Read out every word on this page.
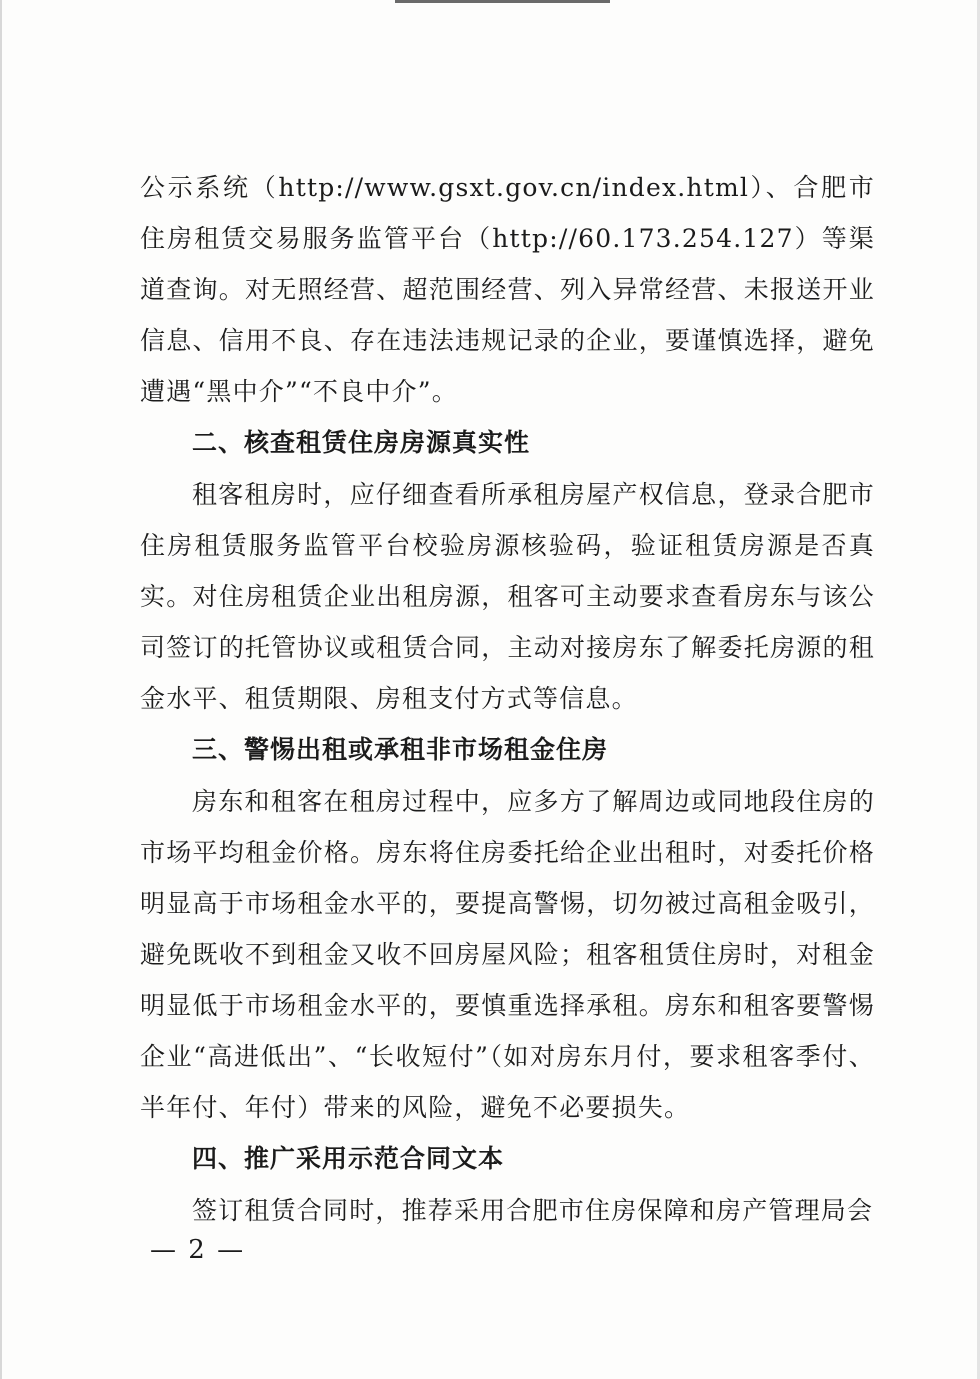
公示系统（http://www.gsxt.gov.cn/index.html）、合肥市住房租赁交易服务监管平台（http://60.173.254.127）等渠道查询。对无照经营、超范围经营、列入异常经营、未报送开业信息、信用不良、存在违法违规记录的企业，要谨慎选择，避免遭遇“黑中介”“不良中介”。

二、核查租赁住房房源真实性

租客租房时，应仔细查看所承租房屋产权信息，登录合肥市住房租赁服务监管平台校验房源核验码，验证租赁房源是否真实。对住房租赁企业出租房源，租客可主动要求查看房东与该公司签订的托管协议或租赁合同，主动对接房东了解委托房源的租金水平、租赁期限、房租支付方式等信息。

三、警惕出租或承租非市场租金住房

房东和租客在租房过程中，应多方了解周边或同地段住房的市场平均租金价格。房东将住房委托给企业出租时，对委托价格明显高于市场租金水平的，要提高警惕，切勿被过高租金吸引，避免既收不到租金又收不回房屋风险；租客租赁住房时，对租金明显低于市场租金水平的，要慎重选择承租。房东和租客要警惕企业“高进低出”、“长收短付”（如对房东月付，要求租客季付、半年付、年付）带来的风险，避免不必要损失。

四、推广采用示范合同文本

签订租赁合同时，推荐采用合肥市住房保障和房产管理局会

— 2 —
